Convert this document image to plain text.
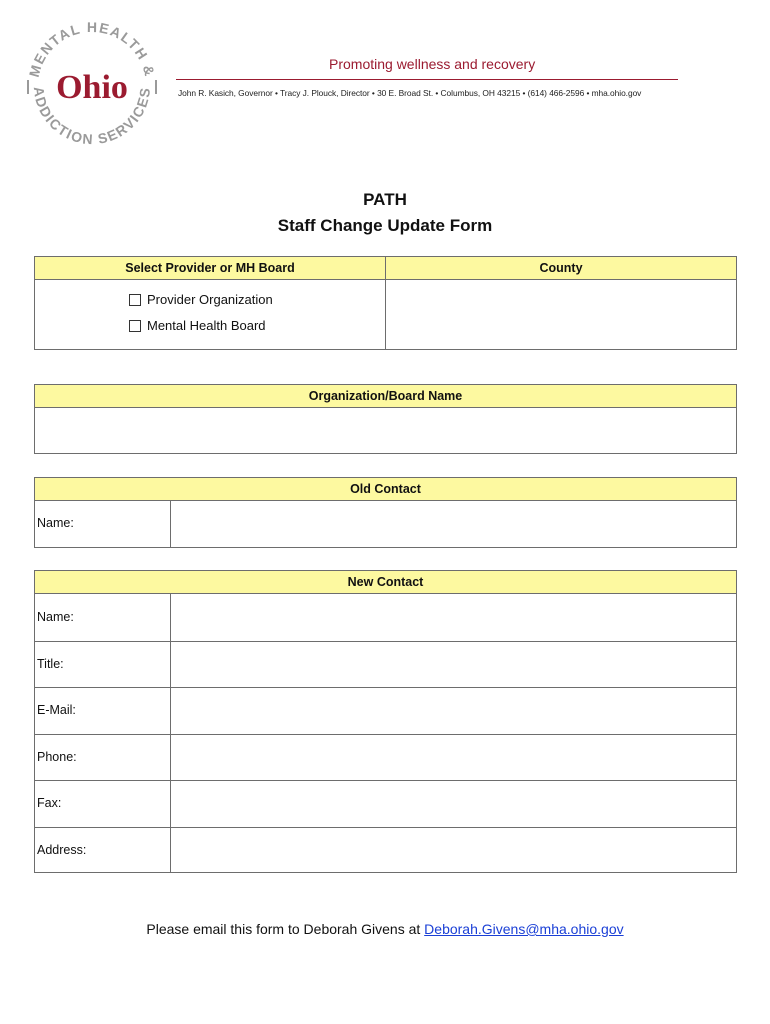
MENTAL HEALTH &
ADDICTION SERVICES
Ohio
Promoting wellness and recovery
John R. Kasich, Governor • Tracy J. Plouck, Director • 30 E. Broad St. • Columbus, OH 43215 • (614) 466-2596 • mha.ohio.gov
PATH
Staff Change Update Form
Select Provider or MH Board	County
Provider Organization
Mental Health Board
Organization/Board Name
Old Contact
Name:
New Contact
Name:
Title:
E-Mail:
Phone:
Fax:
Address:
Please email this form to Deborah Givens at Deborah.Givens@mha.ohio.gov
